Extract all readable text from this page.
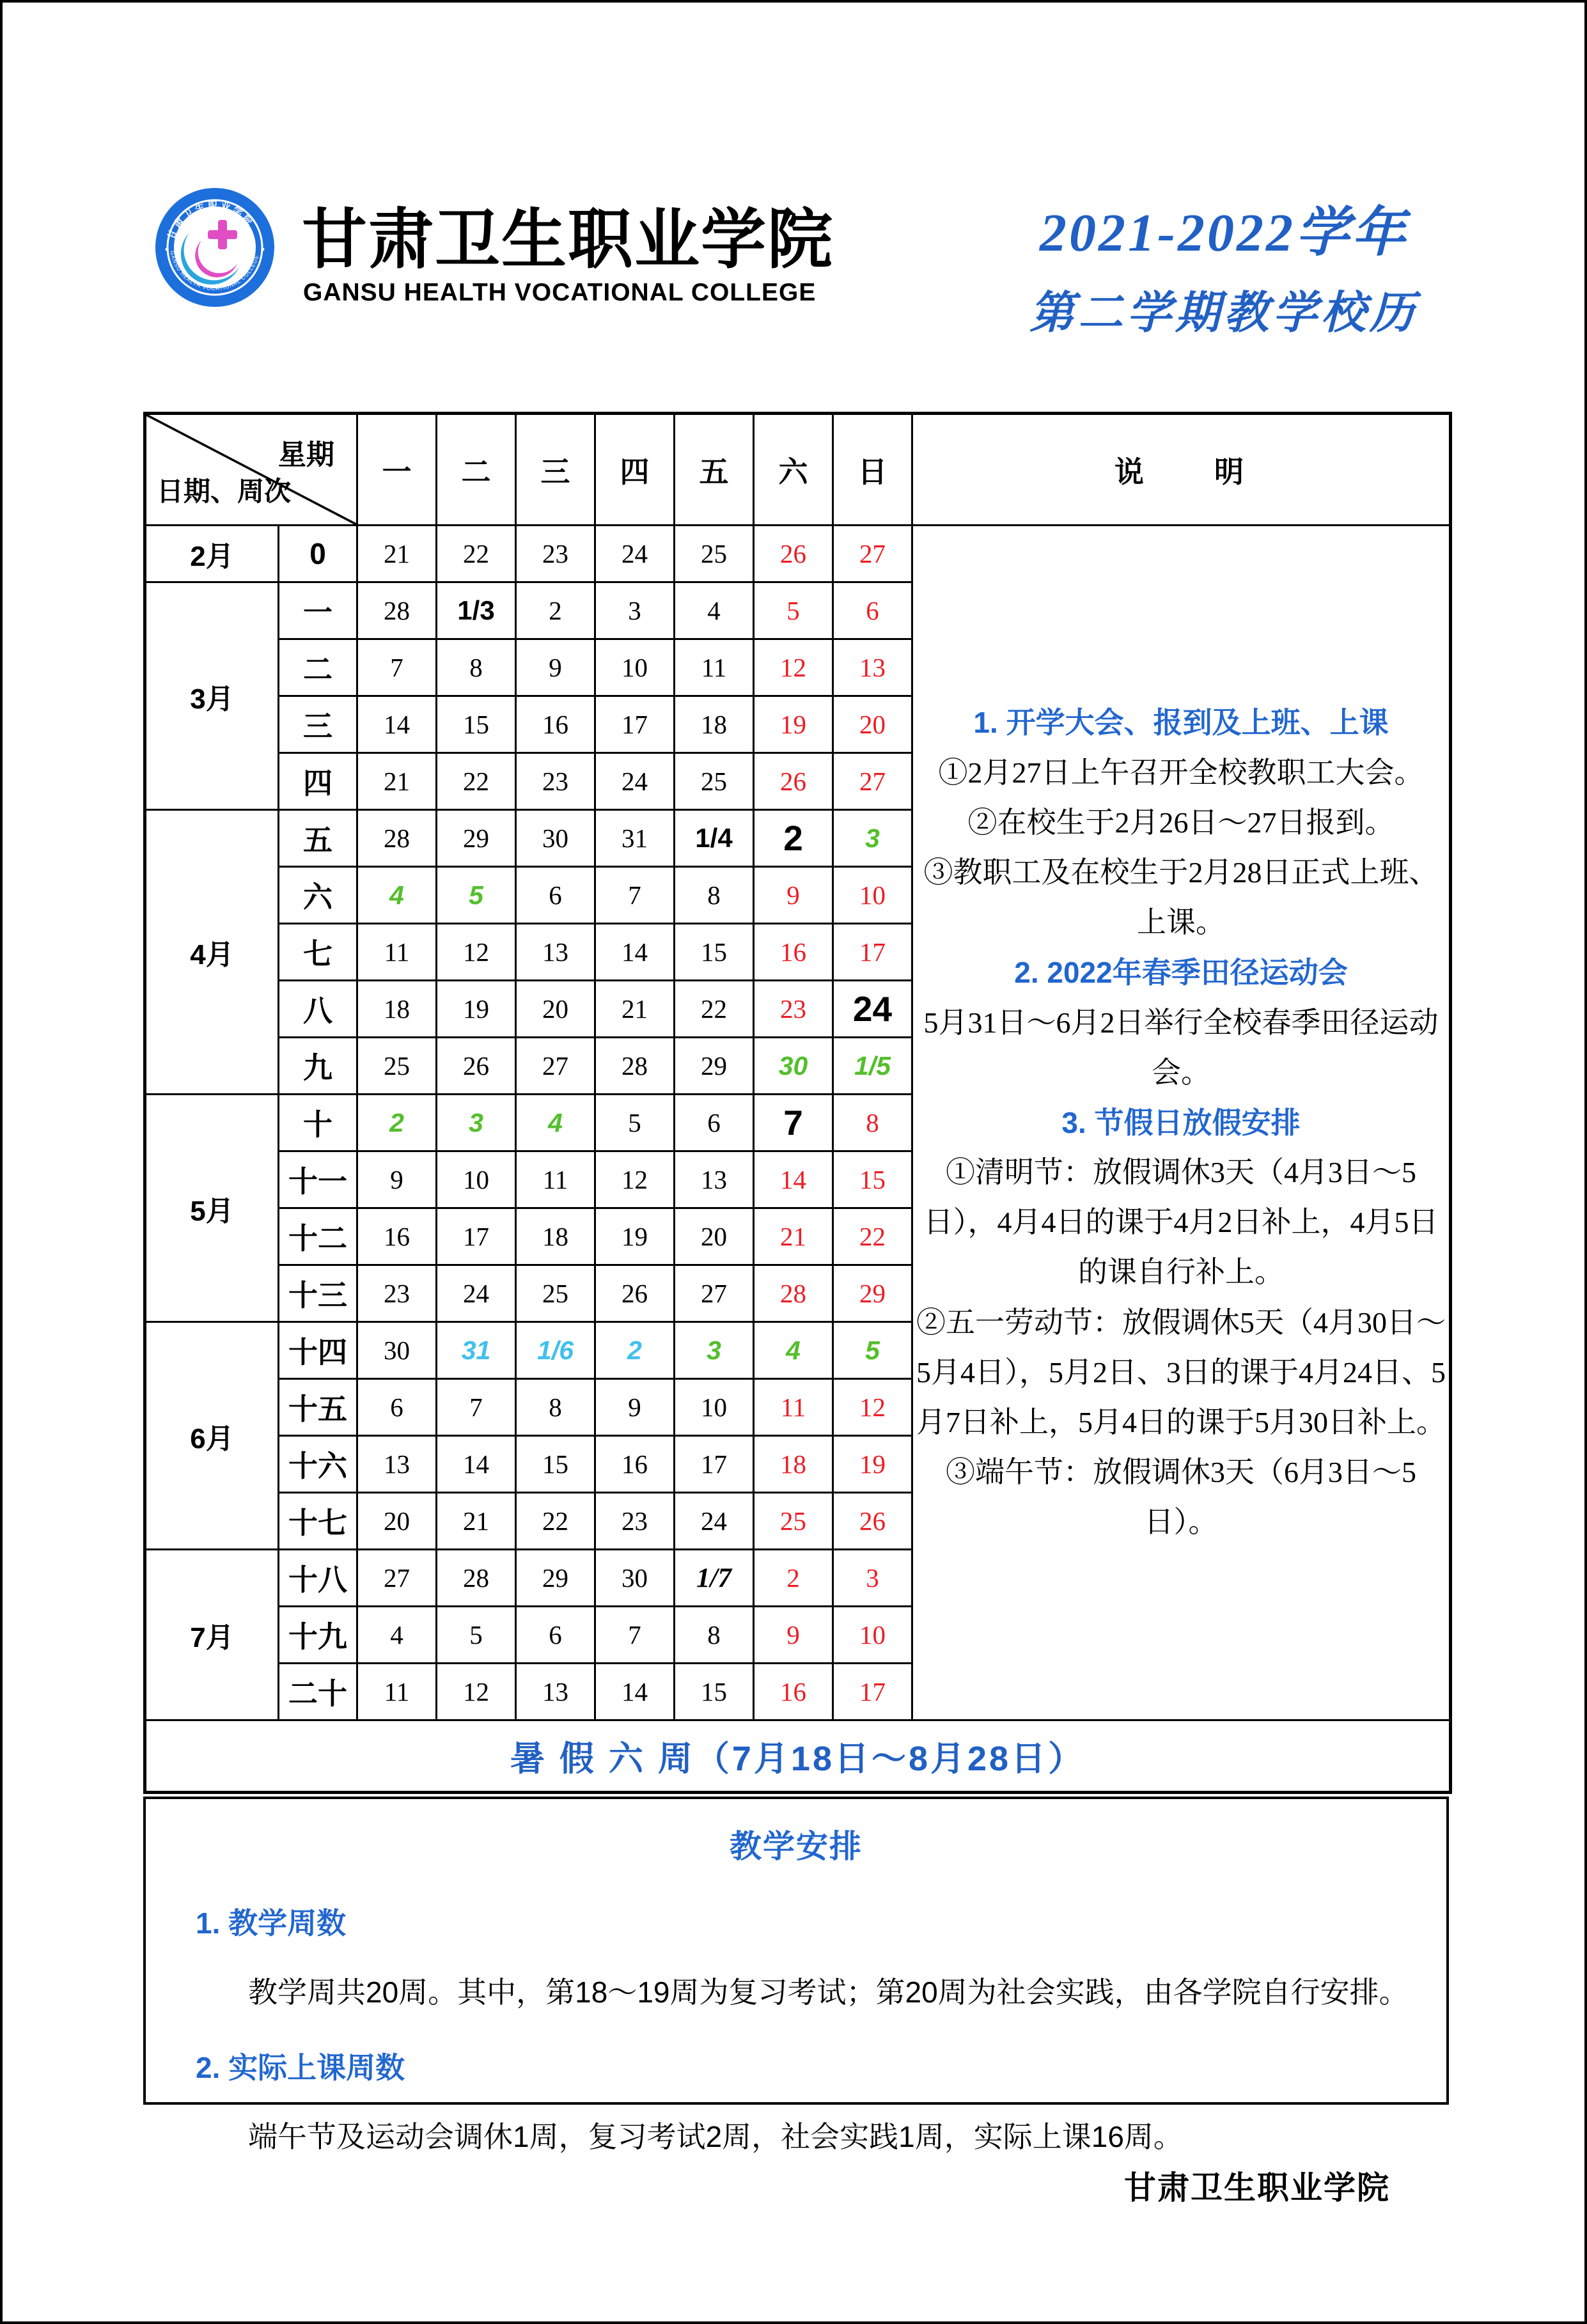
甘肃卫生职业学院
GANSU HEALTH VOCATIONAL COLLEGE 甘肃卫生职业学院
GANSU HEALTH VOCATIONAL COLLEGE
2021-2022学年
第二学期教学校历
星期
日期、周次		一	二	三	四	五	六	日	说　　明
2月	0	21	22	23	24	25	26	27	

1. 开学大会、报到及上班、上课

①2月27日上午召开全校教职工大会。

②在校生于2月26日～27日报到。

③教职工及在校生于2月28日正式上班、上课。

2. 2022年春季田径运动会

5月31日～6月2日举行全校春季田径运动会。

3. 节假日放假安排

①清明节：放假调休3天（4月3日～5日），4月4日的课于4月2日补上，4月5日的课自行补上。

②五一劳动节：放假调休5天（4月30日～5月4日），5月2日、3日的课于4月24日、5月7日补上，5月4日的课于5月30日补上。

③端午节：放假调休3天（6月3日～5日）。

3月	一	28	1/3	2	3	4	5	6	
	二	7	8	9	10	11	12	13	
	三	14	15	16	17	18	19	20	
	四	21	22	23	24	25	26	27	
4月	五	28	29	30	31	1/4	2	3	
	六	4	5	6	7	8	9	10	
	七	11	12	13	14	15	16	17	
	八	18	19	20	21	22	23	24	
	九	25	26	27	28	29	30	1/5	
5月	十	2	3	4	5	6	7	8	
	十一	9	10	11	12	13	14	15	
	十二	16	17	18	19	20	21	22	
	十三	23	24	25	26	27	28	29	
6月	十四	30	31	1/6	2	3	4	5	
	十五	6	7	8	9	10	11	12	
	十六	13	14	15	16	17	18	19	
	十七	20	21	22	23	24	25	26	
7月	十八	27	28	29	30	1/7	2	3	
	十九	4	5	6	7	8	9	10	
	二十	11	12	13	14	15	16	17	
暑 假 六 周（7月18日～8月28日）									
教学安排
1. 教学周数
教学周共20周。其中，第18～19周为复习考试；第20周为社会实践，由各学院自行安排。
2. 实际上课周数
端午节及运动会调休1周，复习考试2周，社会实践1周，实际上课16周。
甘肃卫生职业学院
